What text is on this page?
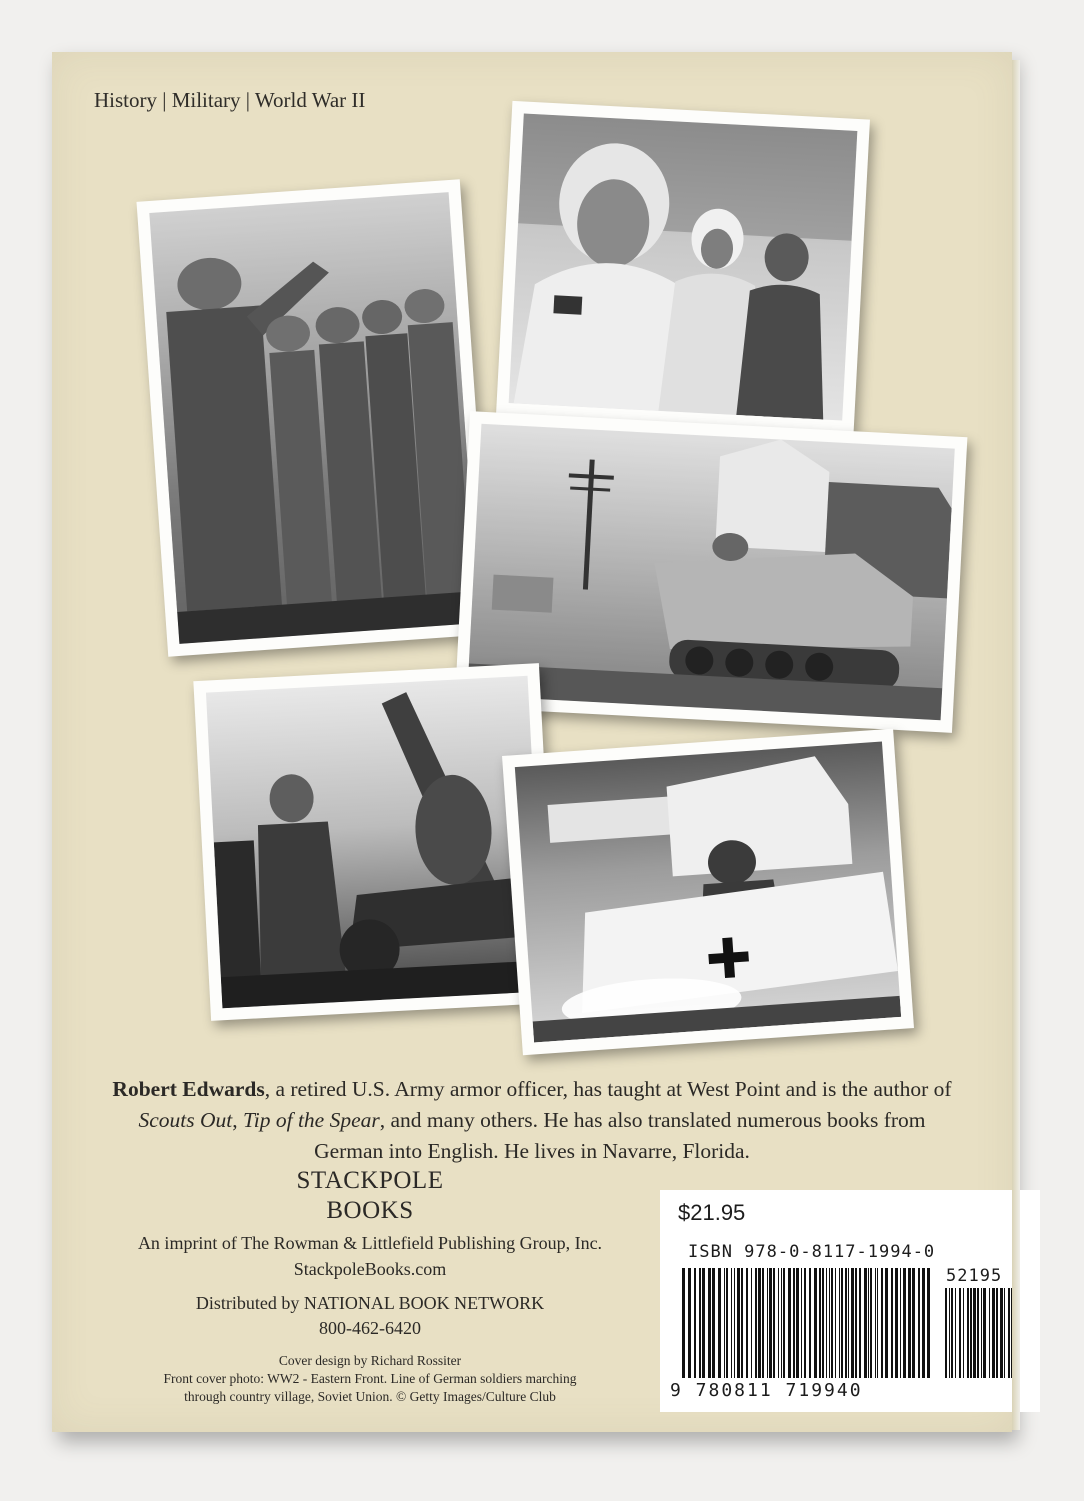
History | Military | World War II
Robert Edwards, a retired U.S. Army armor officer, has taught at West Point and is the author of Scouts Out, Tip of the Spear, and many others. He has also translated numerous books from German into English. He lives in Navarre, Florida.
STACKPOLE
BOOKS
An imprint of The Rowman & Littlefield Publishing Group, Inc.
StackpoleBooks.com
Distributed by NATIONAL BOOK NETWORK
800-462-6420
Cover design by Richard Rossiter
Front cover photo: WW2 - Eastern Front. Line of German soldiers marching
through country village, Soviet Union. © Getty Images/Culture Club
$21.95
ISBN 978-0-8117-1994-0
52195
9 780811 719940
